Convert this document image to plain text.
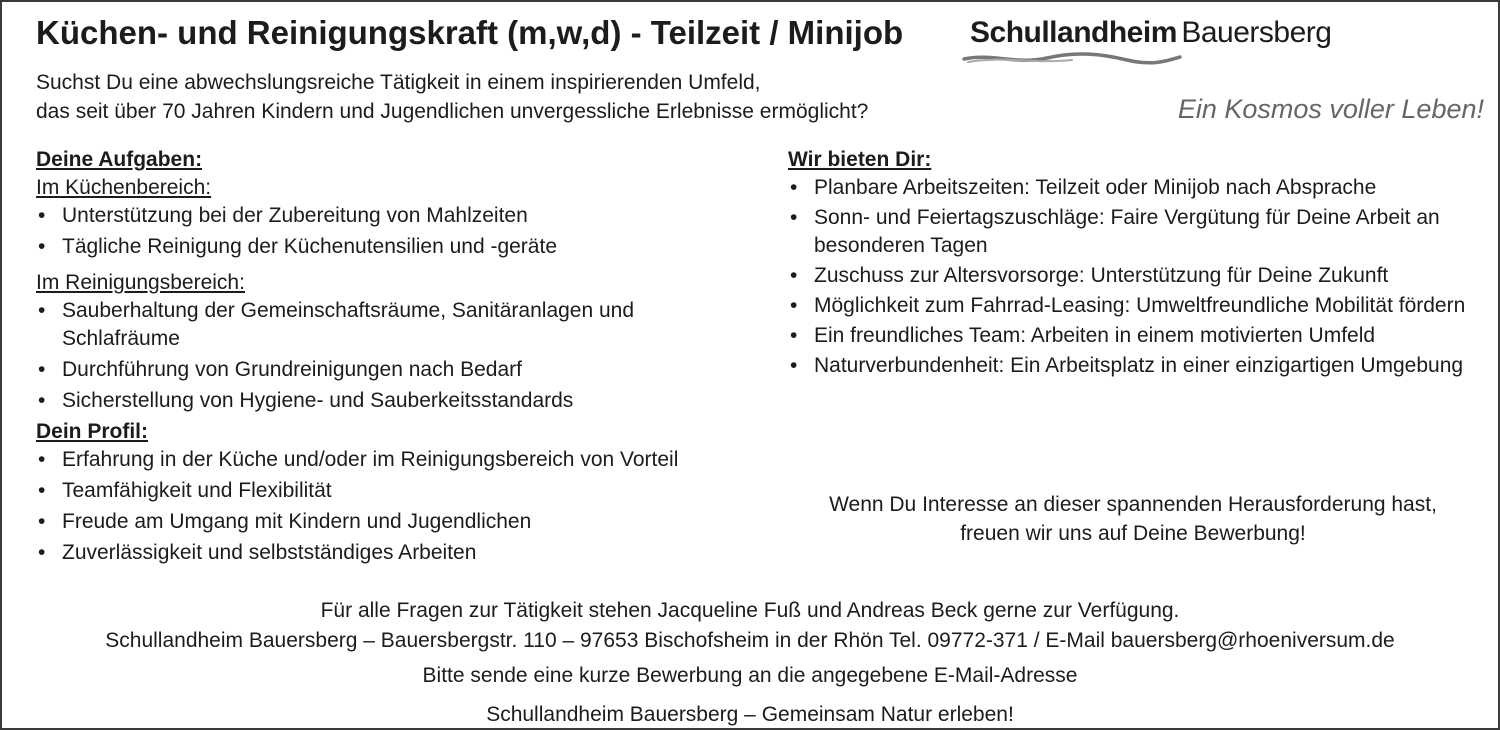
Küchen- und Reinigungskraft (m,w,d) - Teilzeit / Minijob Schullandheim Bauersberg
Ein Kosmos voller Leben!

Suchst Du eine abwechslungsreiche Tätigkeit in einem inspirierenden Umfeld,
das seit über 70 Jahren Kindern und Jugendlichen unvergessliche Erlebnisse ermöglicht?

Deine Aufgaben:
Im Küchenbereich:
• Unterstützung bei der Zubereitung von Mahlzeiten
• Tägliche Reinigung der Küchenutensilien und -geräte
Im Reinigungsbereich:
• Sauberhaltung der Gemeinschaftsräume, Sanitäranlagen und Schlafräume
• Durchführung von Grundreinigungen nach Bedarf
• Sicherstellung von Hygiene- und Sauberkeitsstandards
Dein Profil:
• Erfahrung in der Küche und/oder im Reinigungsbereich von Vorteil
• Teamfähigkeit und Flexibilität
• Freude am Umgang mit Kindern und Jugendlichen
• Zuverlässigkeit und selbstständiges Arbeiten
Wir bieten Dir:
• Planbare Arbeitszeiten: Teilzeit oder Minijob nach Absprache
• Sonn- und Feiertagszuschläge: Faire Vergütung für Deine Arbeit an besonderen Tagen
• Zuschuss zur Altersvorsorge: Unterstützung für Deine Zukunft
• Möglichkeit zum Fahrrad-Leasing: Umweltfreundliche Mobilität fördern
• Ein freundliches Team: Arbeiten in einem motivierten Umfeld
• Naturverbundenheit: Ein Arbeitsplatz in einer einzigartigen Umgebung

Wenn Du Interesse an dieser spannenden Herausforderung hast,
freuen wir uns auf Deine Bewerbung!

Für alle Fragen zur Tätigkeit stehen Jacqueline Fuß und Andreas Beck gerne zur Verfügung.

Schullandheim Bauersberg – Bauersbergstr. 110 – 97653 Bischofsheim in der Rhön Tel. 09772-371 / E-Mail bauersberg@rhoeniversum.de

Bitte sende eine kurze Bewerbung an die angegebene E-Mail-Adresse

Schullandheim Bauersberg – Gemeinsam Natur erleben!
